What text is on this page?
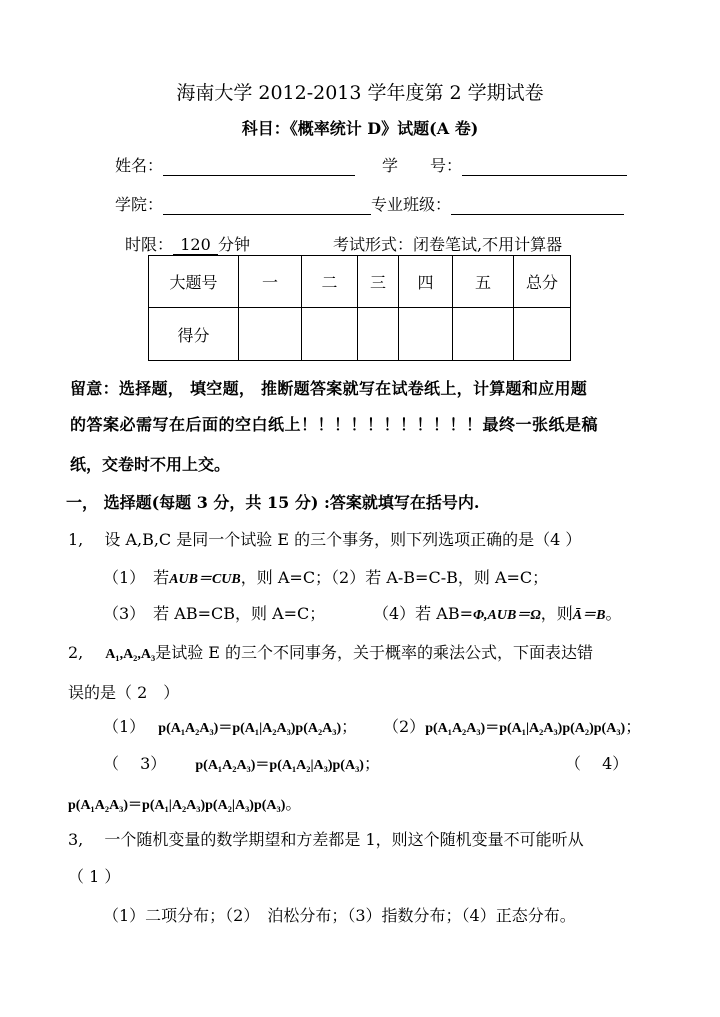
海南大学 2012-2013 学年度第 2 学期试卷
科目：《概率统计 D》试题(A 卷)
姓名：	学　　号：
学院：	专业班级：
时限： 120 分钟	考试形式：闭卷笔试,不用计算器
大题号	一	二	三	四	五	总分
得分						
留意：选择题， 填空题， 推断题答案就写在试卷纸上，计算题和应用题
的答案必需写在后面的空白纸上！！！！！！！！！！！最终一张纸是稿
纸，交卷时不用上交。
一， 选择题(每题 3 分，共 15 分) :答案就填写在括号内.
1,　 设 A,B,C 是同一个试验 E 的三个事务，则下列选项正确的是（4 ）
（1）　若AUB＝CUB，则 A=C；（2）若 A-B=C-B，则 A=C；
（3）　若 AB=CB，则 A=C；	（4）若 AB=Φ,AUB＝Ω，则Ā＝B。
2, A₁,A₂,A₃是试验 E 的三个不同事务，关于概率的乘法公式，下面表达错
误的是（ 2　）
（1）　 p(A₁A₂A₃)＝p(A₁|A₂A₃)p(A₂A₃)； （2）p(A₁A₂A₃)＝p(A₁|A₂A₃)p(A₂)p(A₃)；
（　 3）　　	p(A₁A₂A₃)＝p(A₁A₂|A₃)p(A₃)；	（　 4）
p(A₁A₂A₃)＝p(A₁|A₂A₃)p(A₂|A₃)p(A₃)。
3,　 一个随机变量的数学期望和方差都是 1，则这个随机变量不可能听从
（ 1 ）
（1）二项分布；（2）　泊松分布；（3）指数分布；（4）正态分布。
